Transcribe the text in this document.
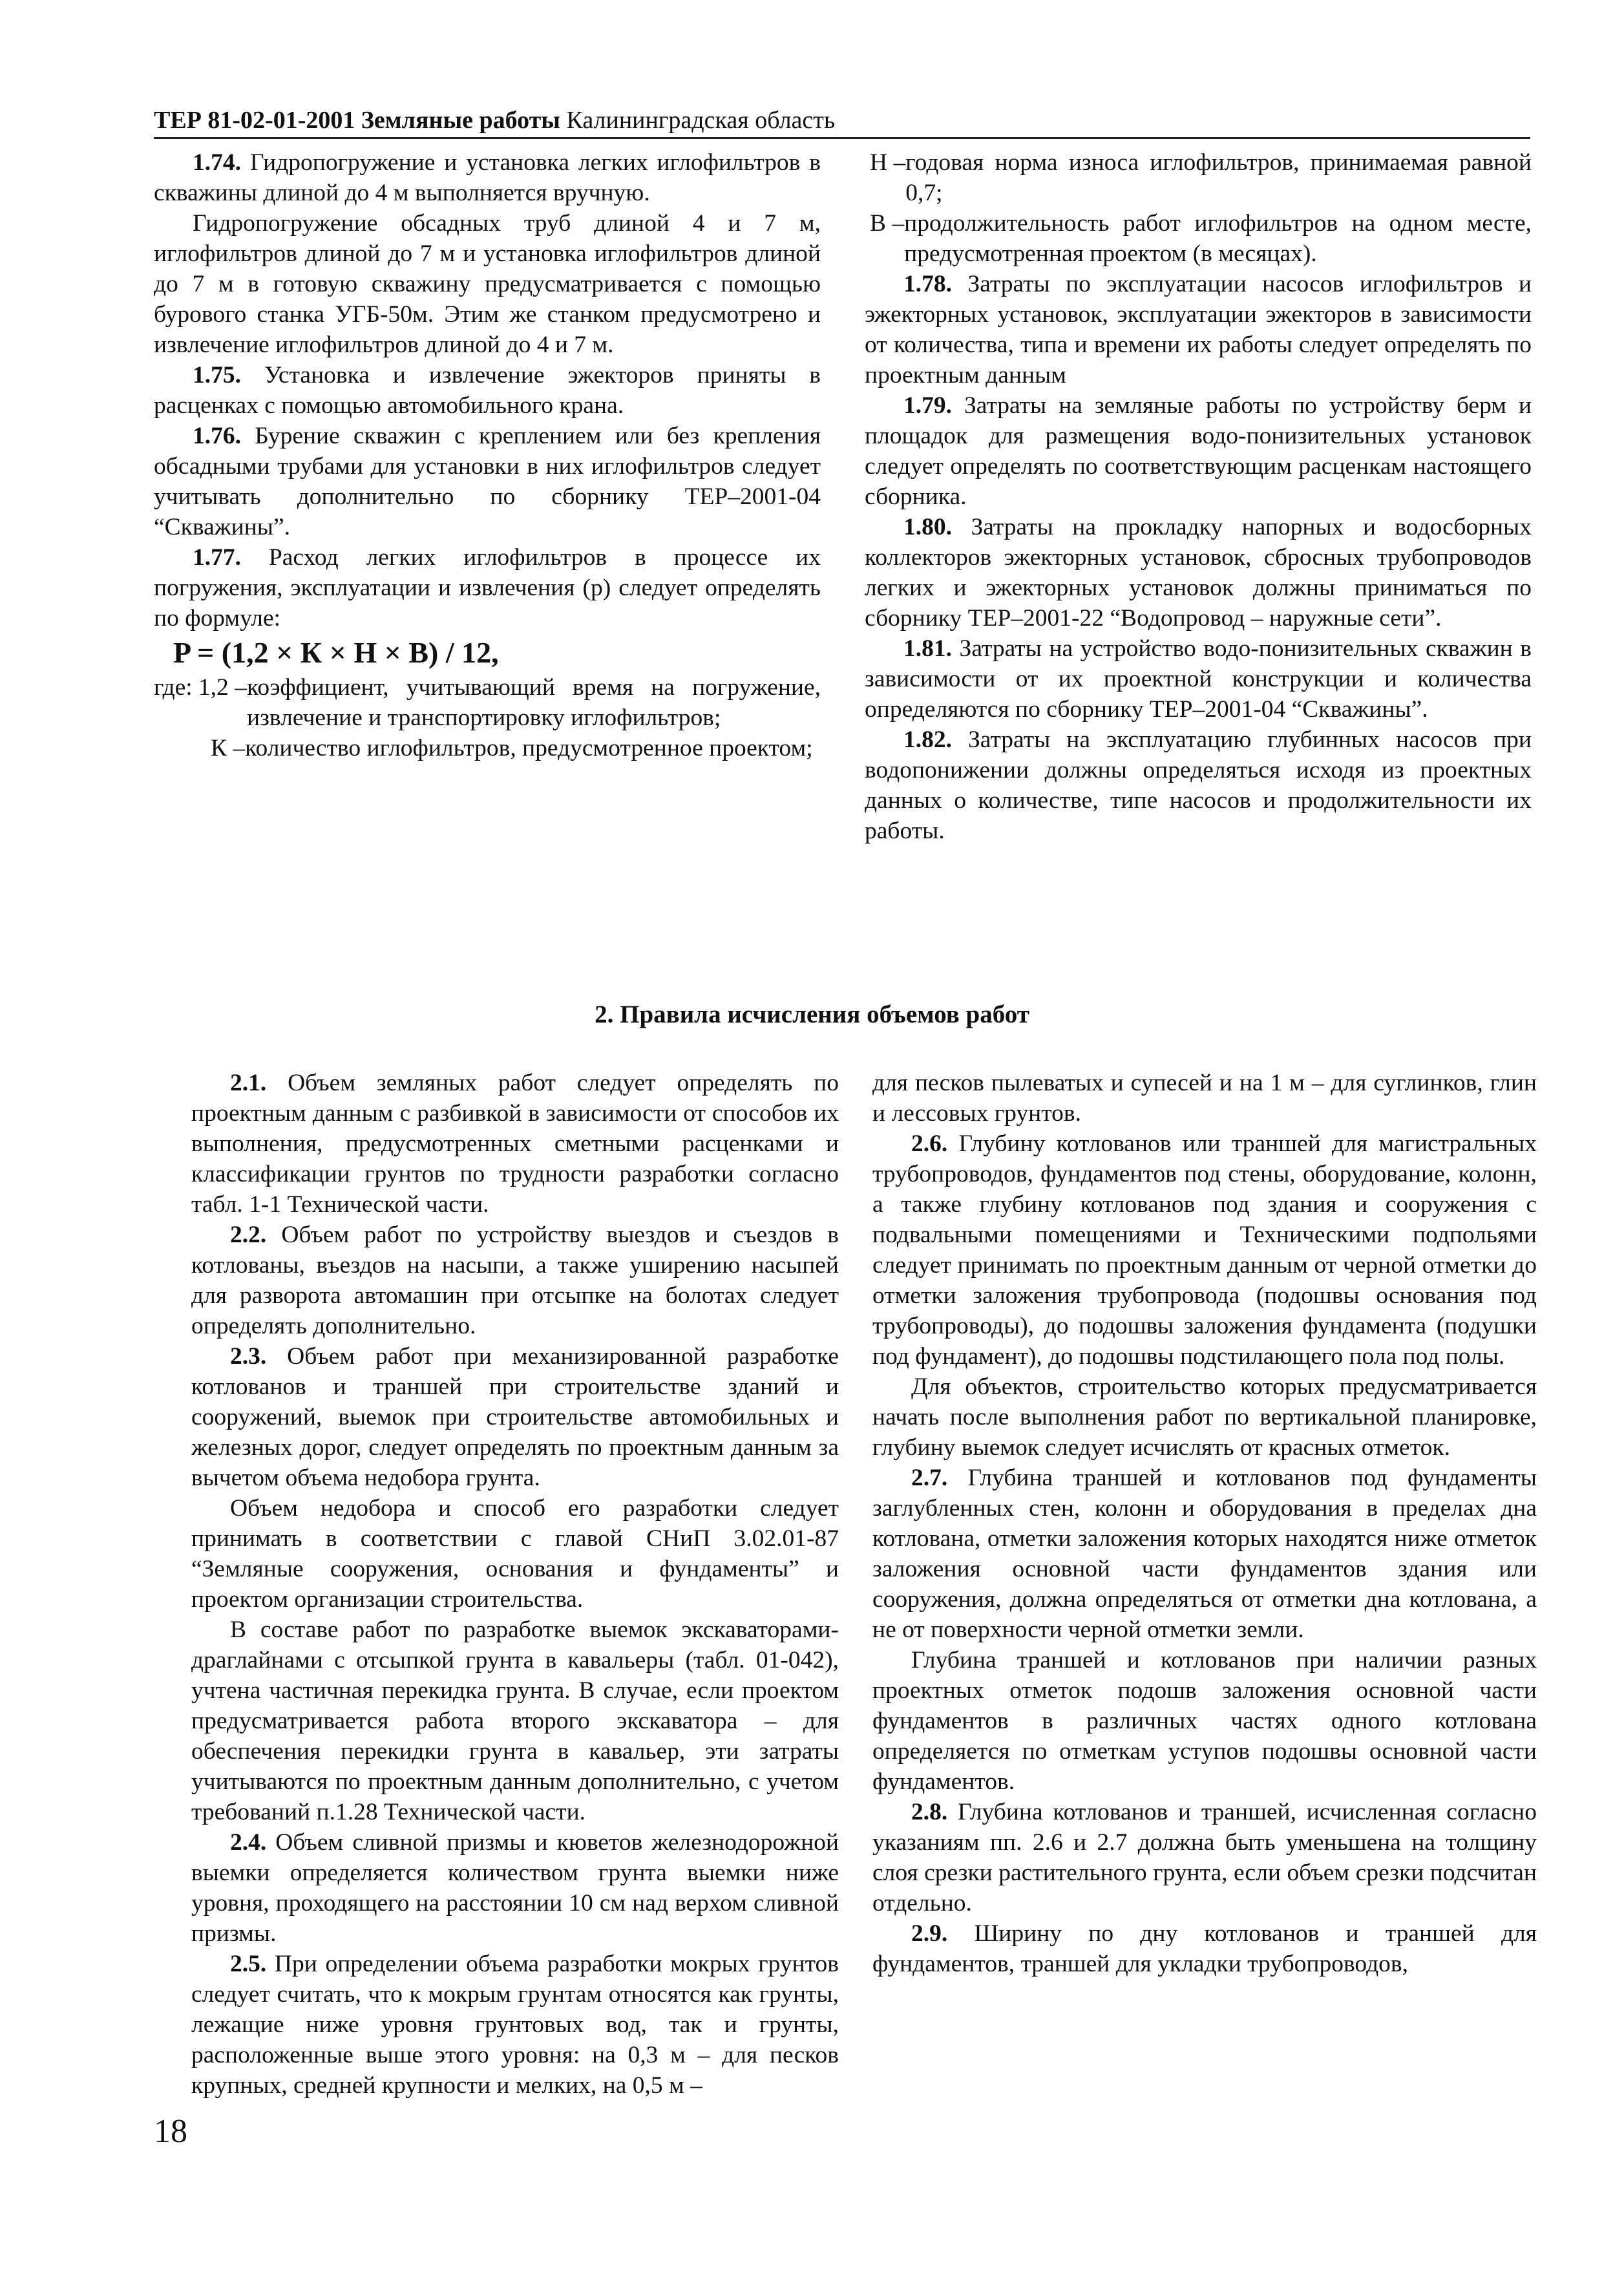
ТЕР 81-02-01-2001 Земляные работы Калининградская область

1.74. Гидропогружение и установка легких иглофильтров в скважины длиной до 4 м выполняется вручную.

Гидропогружение обсадных труб длиной 4 и 7 м, иглофильтров длиной до 7 м и установка иглофильтров длиной до 7 м в готовую скважину предусматривается с помощью бурового станка УГБ-50м. Этим же станком предусмотрено и извлечение иглофильтров длиной до 4 и 7 м.

1.75. Установка и извлечение эжекторов приняты в расценках с помощью автомобильного крана.

1.76. Бурение скважин с креплением или без крепления обсадными трубами для установки в них иглофильтров следует учитывать дополнительно по сборнику ТЕР–2001-04 “Скважины”.

1.77. Расход легких иглофильтров в процессе их погружения, эксплуатации и извлечения (р) следует определять по формуле:

P = (1,2 × К × H × B) / 12,

где: 1,2 – коэффициент, учитывающий время на погружение, извлечение и транспортировку иглофильтров;
К – количество иглофильтров, предусмотренное проектом;
Н – годовая норма износа иглофильтров, принимаемая равной 0,7;
В – продолжительность работ иглофильтров на одном месте, предусмотренная проектом (в месяцах).

1.78. Затраты по эксплуатации насосов иглофильтров и эжекторных установок, эксплуатации эжекторов в зависимости от количества, типа и времени их работы следует определять по проектным данным

1.79. Затраты на земляные работы по устройству берм и площадок для размещения водо-понизительных установок следует определять по соответствующим расценкам настоящего сборника.

1.80. Затраты на прокладку напорных и водосборных коллекторов эжекторных установок, сбросных трубопроводов легких и эжекторных установок должны приниматься по сборнику ТЕР–2001-22 “Водопровод – наружные сети”.

1.81. Затраты на устройство водо-понизительных скважин в зависимости от их проектной конструкции и количества определяются по сборнику ТЕР–2001-04 “Скважины”.

1.82. Затраты на эксплуатацию глубинных насосов при водопонижении должны определяться исходя из проектных данных о количестве, типе насосов и продолжительности их работы.

2. Правила исчисления объемов работ

2.1. Объем земляных работ следует определять по проектным данным с разбивкой в зависимости от способов их выполнения, предусмотренных сметными расценками и классификации грунтов по трудности разработки согласно табл. 1-1 Технической части.

2.2. Объем работ по устройству выездов и съездов в котлованы, въездов на насыпи, а также уширению насыпей для разворота автомашин при отсыпке на болотах следует определять дополнительно.

2.3. Объем работ при механизированной разработке котлованов и траншей при строительстве зданий и сооружений, выемок при строительстве автомобильных и железных дорог, следует определять по проектным данным за вычетом объема недобора грунта.

Объем недобора и способ его разработки следует принимать в соответствии с главой СНиП 3.02.01-87 “Земляные сооружения, основания и фундаменты” и проектом организации строительства.

В составе работ по разработке выемок экскаваторами-драглайнами с отсыпкой грунта в кавальеры (табл. 01-042), учтена частичная перекидка грунта. В случае, если проектом предусматривается работа второго экскаватора – для обеспечения перекидки грунта в кавальер, эти затраты учитываются по проектным данным дополнительно, с учетом требований п.1.28 Технической части.

2.4. Объем сливной призмы и кюветов железнодорожной выемки определяется количеством грунта выемки ниже уровня, проходящего на расстоянии 10 см над верхом сливной призмы.

2.5. При определении объема разработки мокрых грунтов следует считать, что к мокрым грунтам относятся как грунты, лежащие ниже уровня грунтовых вод, так и грунты, расположенные выше этого уровня: на 0,3 м – для песков крупных, средней крупности и мелких, на 0,5 м –

для песков пылеватых и супесей и на 1 м – для суглинков, глин и лессовых грунтов.

2.6. Глубину котлованов или траншей для магистральных трубопроводов, фундаментов под стены, оборудование, колонн, а также глубину котлованов под здания и сооружения с подвальными помещениями и Техническими подпольями следует принимать по проектным данным от черной отметки до отметки заложения трубопровода (подошвы основания под трубопроводы), до подошвы заложения фундамента (подушки под фундамент), до подошвы подстилающего пола под полы.

Для объектов, строительство которых предусматривается начать после выполнения работ по вертикальной планировке, глубину выемок следует исчислять от красных отметок.

2.7. Глубина траншей и котлованов под фундаменты заглубленных стен, колонн и оборудования в пределах дна котлована, отметки заложения которых находятся ниже отметок заложения основной части фундаментов здания или сооружения, должна определяться от отметки дна котлована, а не от поверхности черной отметки земли.

Глубина траншей и котлованов при наличии разных проектных отметок подошв заложения основной части фундаментов в различных частях одного котлована определяется по отметкам уступов подошвы основной части фундаментов.

2.8. Глубина котлованов и траншей, исчисленная согласно указаниям пп. 2.6 и 2.7 должна быть уменьшена на толщину слоя срезки растительного грунта, если объем срезки подсчитан отдельно.

2.9. Ширину по дну котлованов и траншей для фундаментов, траншей для укладки трубопроводов,

18
